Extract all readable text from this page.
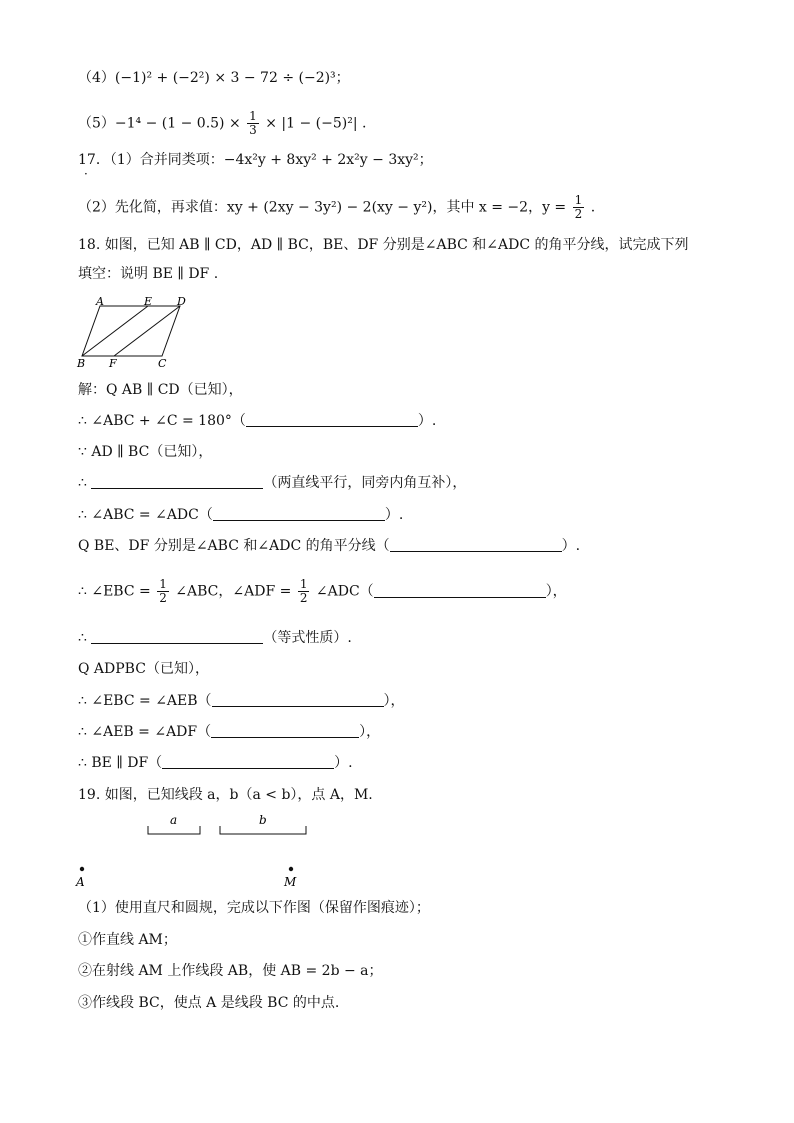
（4）(−1)² + (−2²) × 3 − 72 ÷ (−2)³；
$(5)-1^4 - (1 - 0.5) \times \frac{1}{3} \times |1 - (-5)^2|$ .
17．（1）合并同类项：−4x²y + 8xy² + 2x²y − 3xy²；
·
（2）先化简，再求值：xy + (2xy − 3y²) − 2(xy − y²)，其中 x = −2，$y = \frac{1}{2}$ .
18. 如图，已知 AB ∥ CD，AD ∥ BC，BE、DF 分别是∠ABC 和∠ADC 的角平分线，试完成下列
填空：说明 BE ∥ DF .
A	E D
B F	C
解：Q AB ∥ CD（已知），
∴ ∠ABC + ∠C = 180°（	）.
∵ AD ∥ BC（已知），
∴	（两直线平行，同旁内角互补），
∴ ∠ABC = ∠ADC（	）.
Q BE、DF 分别是∠ABC 和∠ADC 的角平分线（	）.
∴ ∠EBC = $\frac{1}{2}$ ∠ABC，∠ADF = $\frac{1}{2}$ ∠ADC（	），
∴	（等式性质）.
Q ADPBC（已知），
∴ ∠EBC = ∠AEB（	），
∴ ∠AEB = ∠ADF（	），
∴ BE ∥ DF（	）.
19. 如图，已知线段 a，b（a < b），点 A，M.
a	b
A	M
（1）使用直尺和圆规，完成以下作图（保留作图痕迹）；
①作直线 AM；
②在射线 AM 上作线段 AB，使 AB = 2b − a；
③作线段 BC，使点 A 是线段 BC 的中点.
